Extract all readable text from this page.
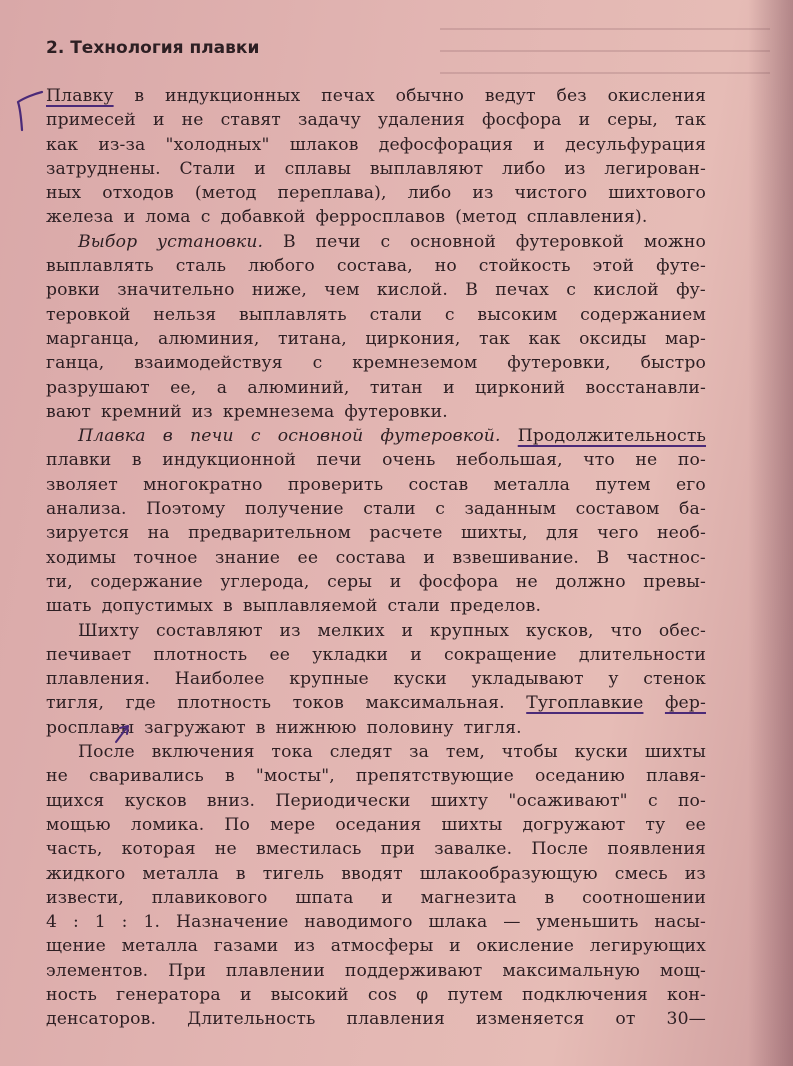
2. Технология плавки
Плавку в индукционных печах обычно ведут без окисления
примесей и не ставят задачу удаления фосфора и серы, так
как из-за "холодных" шлаков дефосфорация и десульфурация
затруднены. Стали и сплавы выплавляют либо из легирован-
ных отходов (метод переплава), либо из чистого шихтового
железа и лома с добавкой ферросплавов (метод сплавления).
Выбор установки. В печи с основной футеровкой можно
выплавлять сталь любого состава, но стойкость этой футе-
ровки значительно ниже, чем кислой. В печах с кислой фу-
теровкой нельзя выплавлять стали с высоким содержанием
марганца, алюминия, титана, циркония, так как оксиды мар-
ганца, взаимодействуя с кремнеземом футеровки, быстро
разрушают ее, а алюминий, титан и цирконий восстанавли-
вают кремний из кремнезема футеровки.
Плавка в печи с основной футеровкой. Продолжительность
плавки в индукционной печи очень небольшая, что не по-
зволяет многократно проверить состав металла путем его
анализа. Поэтому получение стали с заданным составом ба-
зируется на предварительном расчете шихты, для чего необ-
ходимы точное знание ее состава и взвешивание. В частнос-
ти, содержание углерода, серы и фосфора не должно превы-
шать допустимых в выплавляемой стали пределов.
Шихту составляют из мелких и крупных кусков, что обес-
печивает плотность ее укладки и сокращение длительности
плавления. Наиболее крупные куски укладывают у стенок
тигля, где плотность токов максимальная. Тугоплавкие фер-
росплавы загружают в нижнюю половину тигля.
После включения тока следят за тем, чтобы куски шихты
не сваривались в "мосты", препятствующие оседанию плавя-
щихся кусков вниз. Периодически шихту "осаживают" с по-
мощью ломика. По мере оседания шихты догружают ту ее
часть, которая не вместилась при завалке. После появления
жидкого металла в тигель вводят шлакообразующую смесь из
извести, плавикового шпата и магнезита в соотношении
4 : 1 : 1. Назначение наводимого шлака — уменьшить насы-
щение металла газами из атмосферы и окисление легирующих
элементов. При плавлении поддерживают максимальную мощ-
ность генератора и высокий cos φ путем подключения кон-
денсаторов. Длительность плавления изменяется от 30—
